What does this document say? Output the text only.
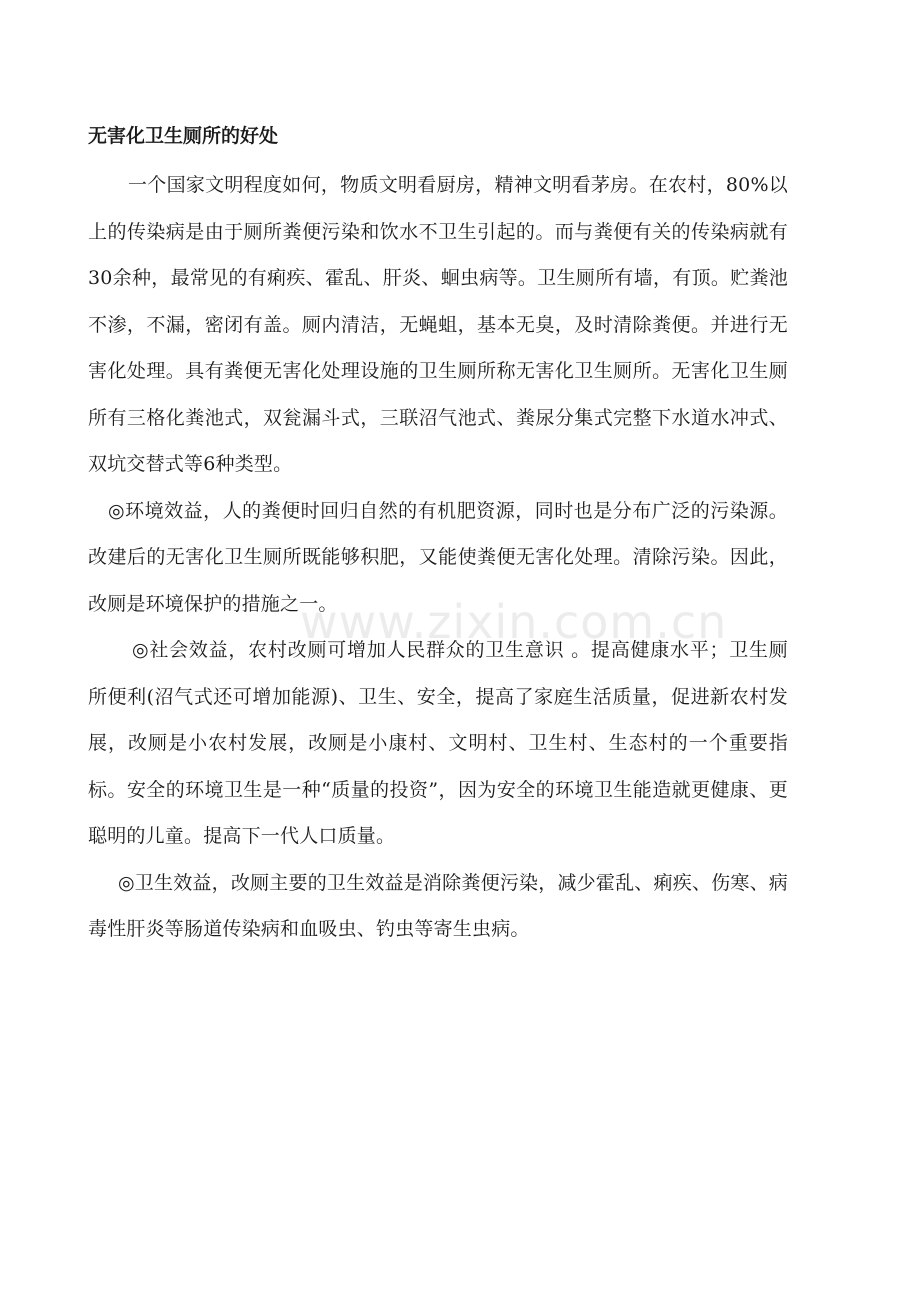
无害化卫生厕所的好处

一个国家文明程度如何，物质文明看厨房，精神文明看茅房。在农村，80%以上的传染病是由于厕所粪便污染和饮水不卫生引起的。而与粪便有关的传染病就有30余种，最常见的有痢疾、霍乱、肝炎、蛔虫病等。卫生厕所有墙，有顶。贮粪池不渗，不漏，密闭有盖。厕内清洁，无蝇蛆，基本无臭，及时清除粪便。并进行无害化处理。具有粪便无害化处理设施的卫生厕所称无害化卫生厕所。无害化卫生厕所有三格化粪池式，双瓮漏斗式，三联沼气池式、粪尿分集式完整下水道水冲式、双坑交替式等6种类型。

◎环境效益，人的粪便时回归自然的有机肥资源，同时也是分布广泛的污染源。改建后的无害化卫生厕所既能够积肥，又能使粪便无害化处理。清除污染。因此，改厕是环境保护的措施之一。

◎社会效益，农村改厕可增加人民群众的卫生意识 。提高健康水平；卫生厕所便利(沼气式还可增加能源)、卫生、安全，提高了家庭生活质量，促进新农村发展，改厕是小农村发展，改厕是小康村、文明村、卫生村、生态村的一个重要指标。安全的环境卫生是一种“质量的投资”，因为安全的环境卫生能造就更健康、更聪明的儿童。提高下一代人口质量。

◎卫生效益，改厕主要的卫生效益是消除粪便污染，减少霍乱、痢疾、伤寒、病毒性肝炎等肠道传染病和血吸虫、钓虫等寄生虫病。

www.zixin.com.cn
